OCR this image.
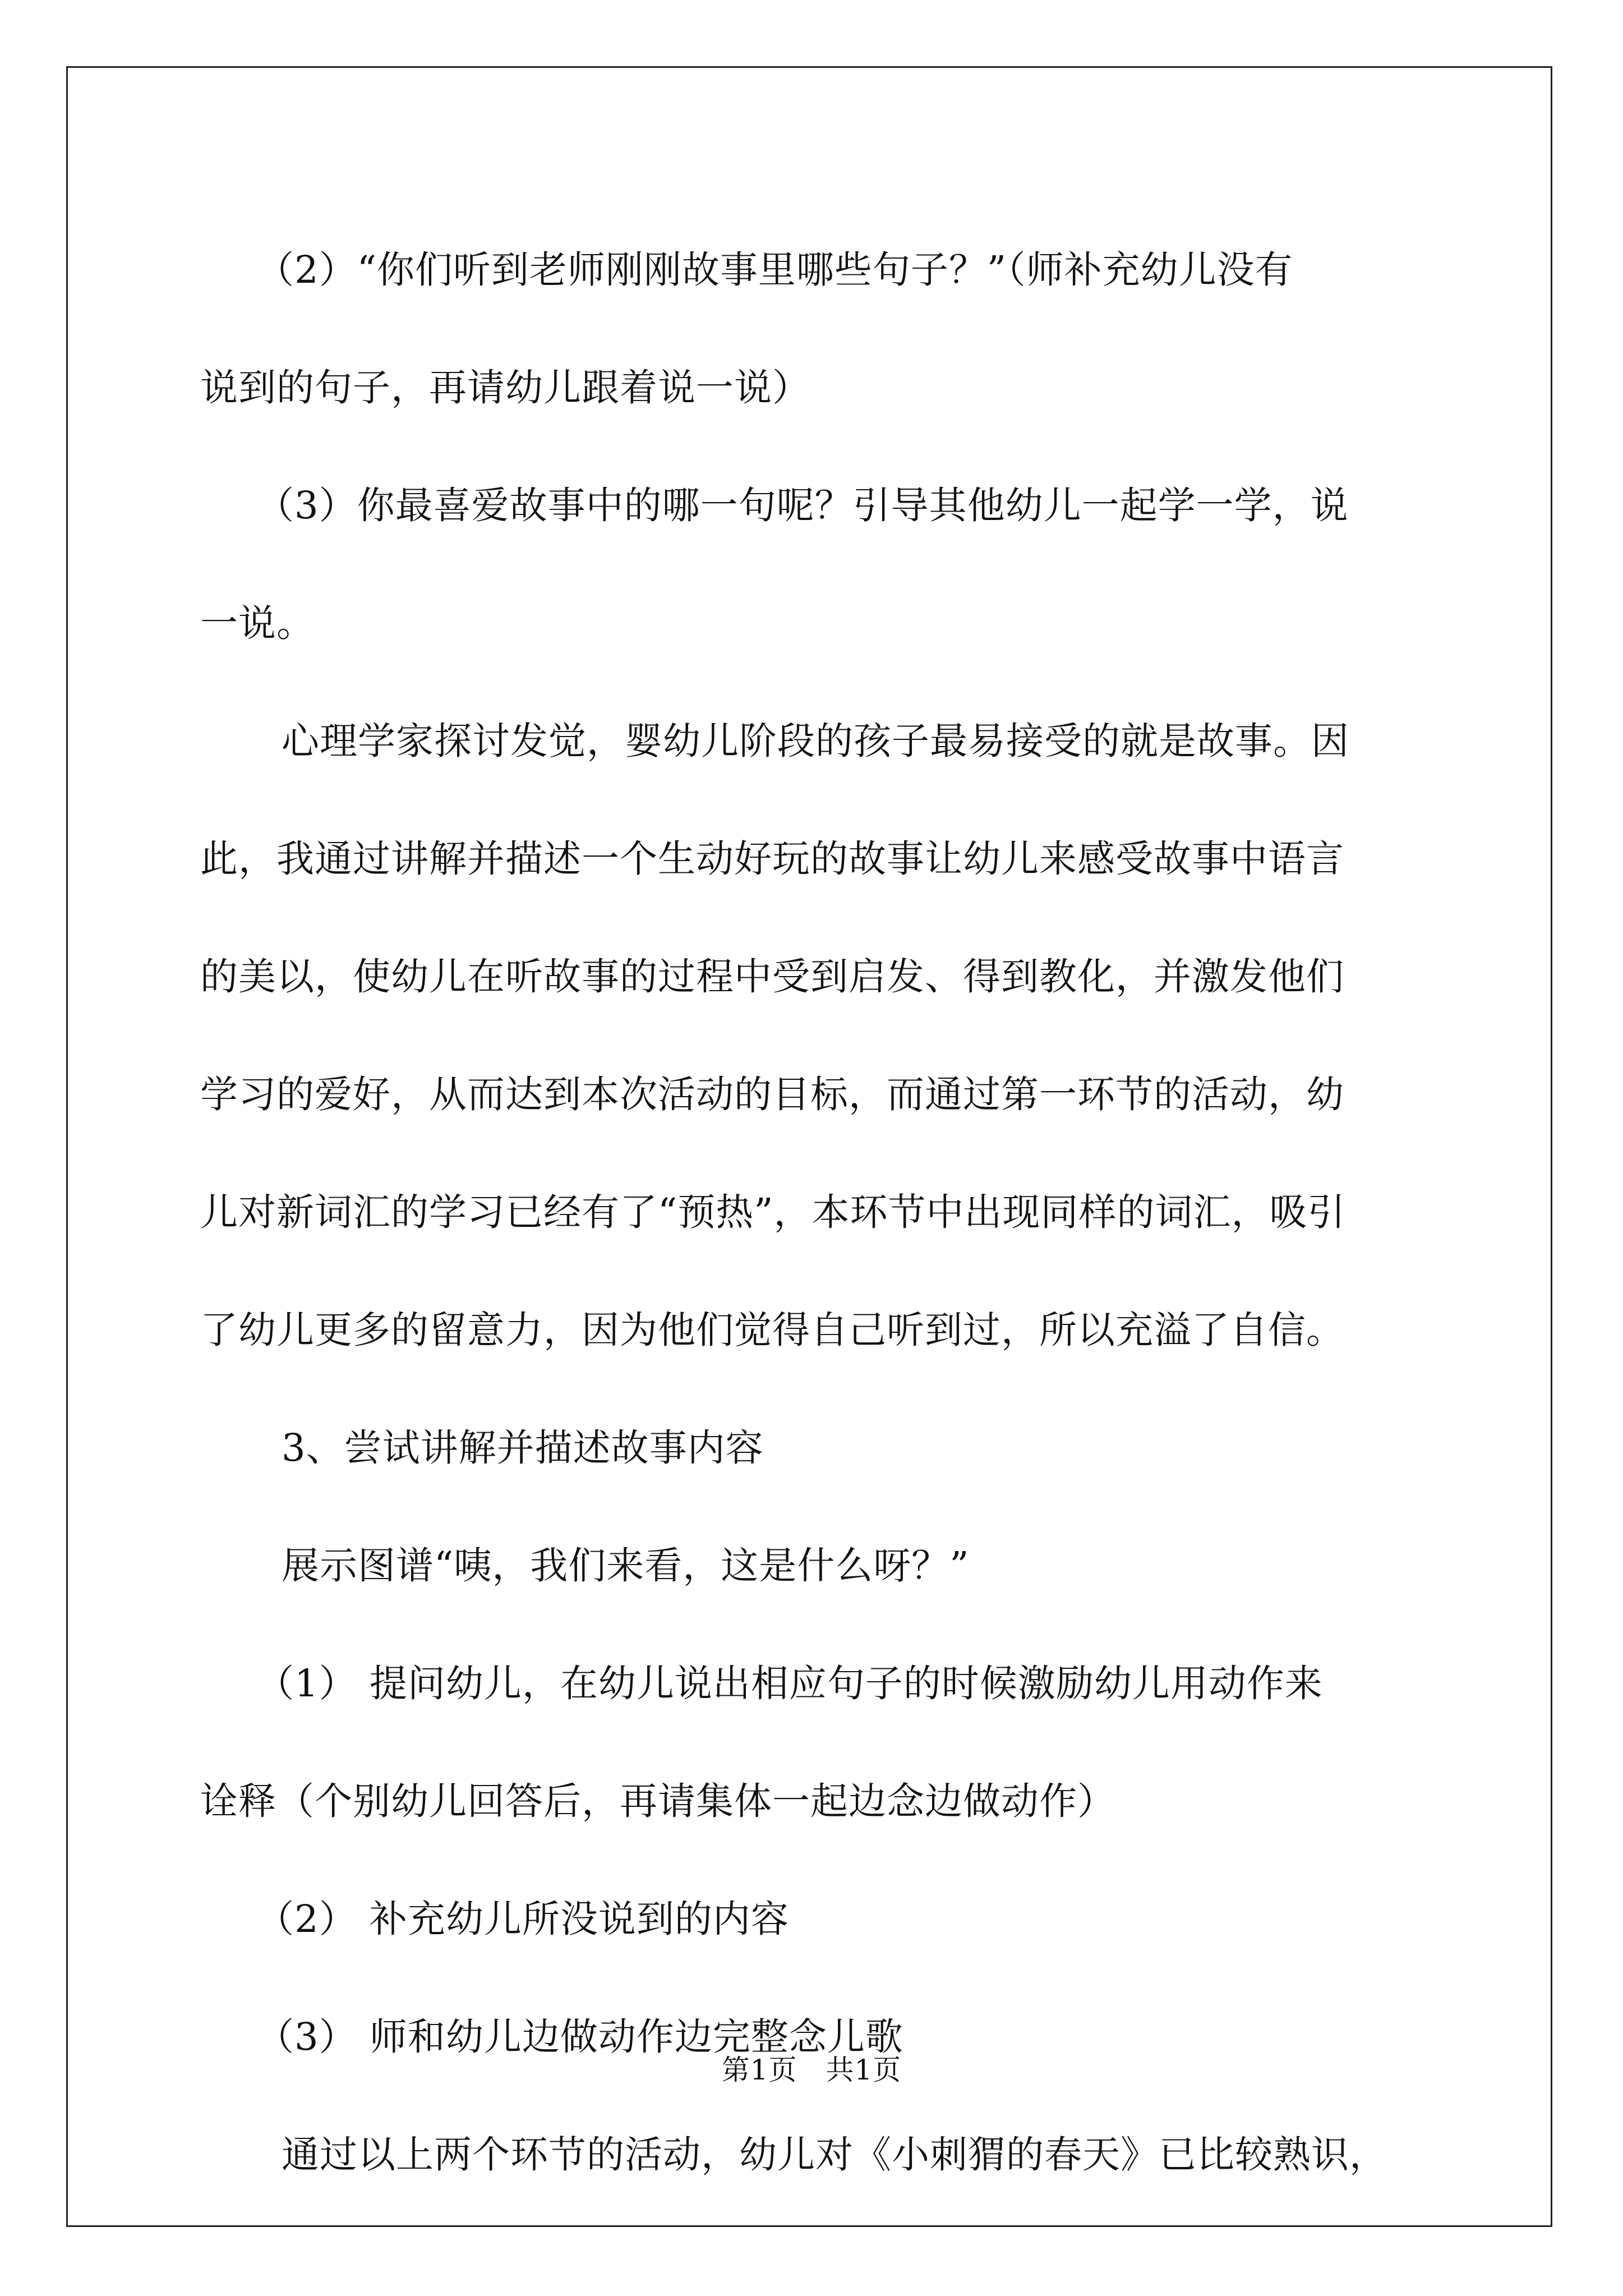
（2）“你们听到老师刚刚故事里哪些句子？”（师补充幼儿没有
说到的句子，再请幼儿跟着说一说）
（3）你最喜爱故事中的哪一句呢？引导其他幼儿一起学一学，说
一说。
心理学家探讨发觉，婴幼儿阶段的孩子最易接受的就是故事。因
此，我通过讲解并描述一个生动好玩的故事让幼儿来感受故事中语言
的美以，使幼儿在听故事的过程中受到启发、得到教化，并激发他们
学习的爱好，从而达到本次活动的目标，而通过第一环节的活动，幼
儿对新词汇的学习已经有了“预热”，本环节中出现同样的词汇，吸引
了幼儿更多的留意力，因为他们觉得自己听到过，所以充溢了自信。
3、尝试讲解并描述故事内容
展示图谱“咦，我们来看，这是什么呀？”
（1） 提问幼儿，在幼儿说出相应句子的时候激励幼儿用动作来
诠释（个别幼儿回答后，再请集体一起边念边做动作）
（2） 补充幼儿所没说到的内容
（3） 师和幼儿边做动作边完整念儿歌
通过以上两个环节的活动，幼儿对《小刺猬的春天》已比较熟识，
第1页　共1页
